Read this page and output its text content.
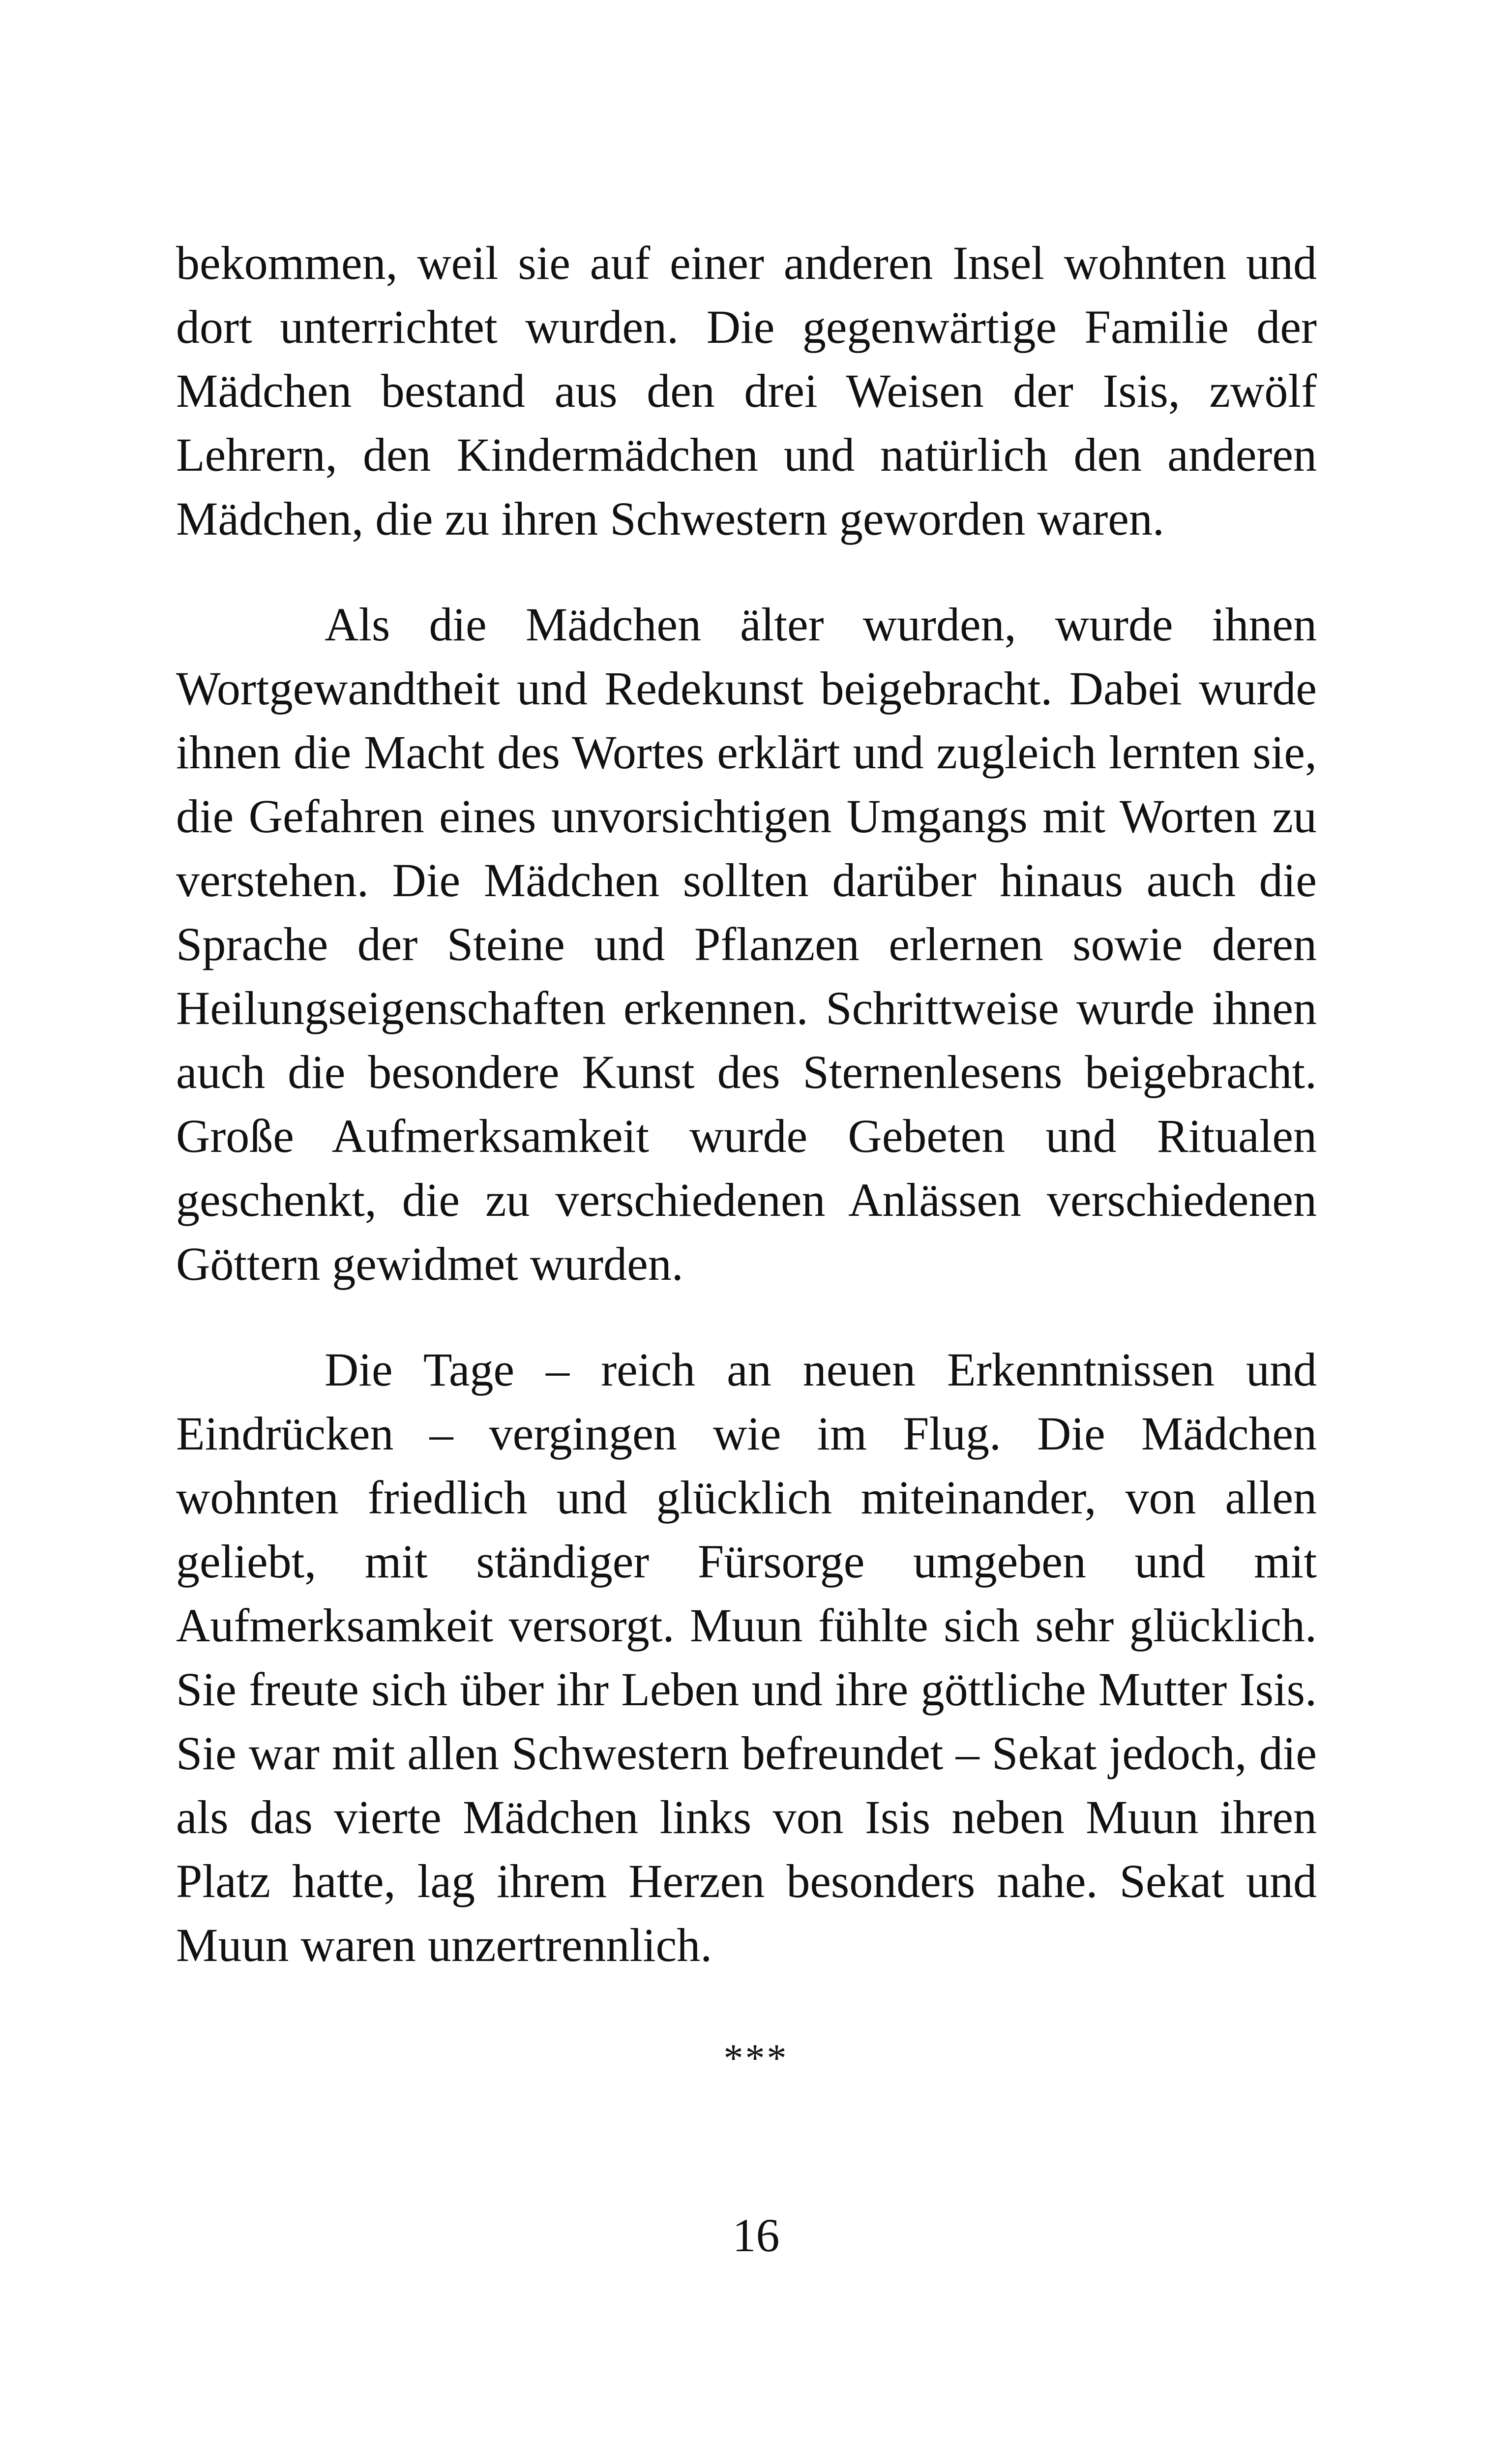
bekommen, weil sie auf einer anderen Insel wohnten und dort unterrichtet wurden. Die gegenwärtige Familie der Mädchen bestand aus den drei Weisen der Isis, zwölf Lehrern, den Kindermädchen und natürlich den anderen Mädchen, die zu ihren Schwestern geworden waren.

Als die Mädchen älter wurden, wurde ihnen Wortgewandtheit und Redekunst beigebracht. Dabei wurde ihnen die Macht des Wortes erklärt und zugleich lernten sie, die Gefahren eines unvorsichtigen Umgangs mit Worten zu verstehen. Die Mädchen sollten darüber hinaus auch die Sprache der Steine und Pflanzen erlernen sowie deren Heilungseigenschaften erkennen. Schrittweise wurde ihnen auch die besondere Kunst des Sternenlesens beigebracht. Große Aufmerksamkeit wurde Gebeten und Ritualen geschenkt, die zu verschiedenen Anlässen verschiedenen Göttern gewidmet wurden.

Die Tage – reich an neuen Erkenntnissen und Eindrücken – vergingen wie im Flug. Die Mädchen wohnten friedlich und glücklich miteinander, von allen geliebt, mit ständiger Fürsorge umgeben und mit Aufmerksamkeit versorgt. Muun fühlte sich sehr glücklich. Sie freute sich über ihr Leben und ihre göttliche Mutter Isis. Sie war mit allen Schwestern befreundet – Sekat jedoch, die als das vierte Mädchen links von Isis neben Muun ihren Platz hatte, lag ihrem Herzen besonders nahe. Sekat und Muun waren unzertrennlich.

***
16
